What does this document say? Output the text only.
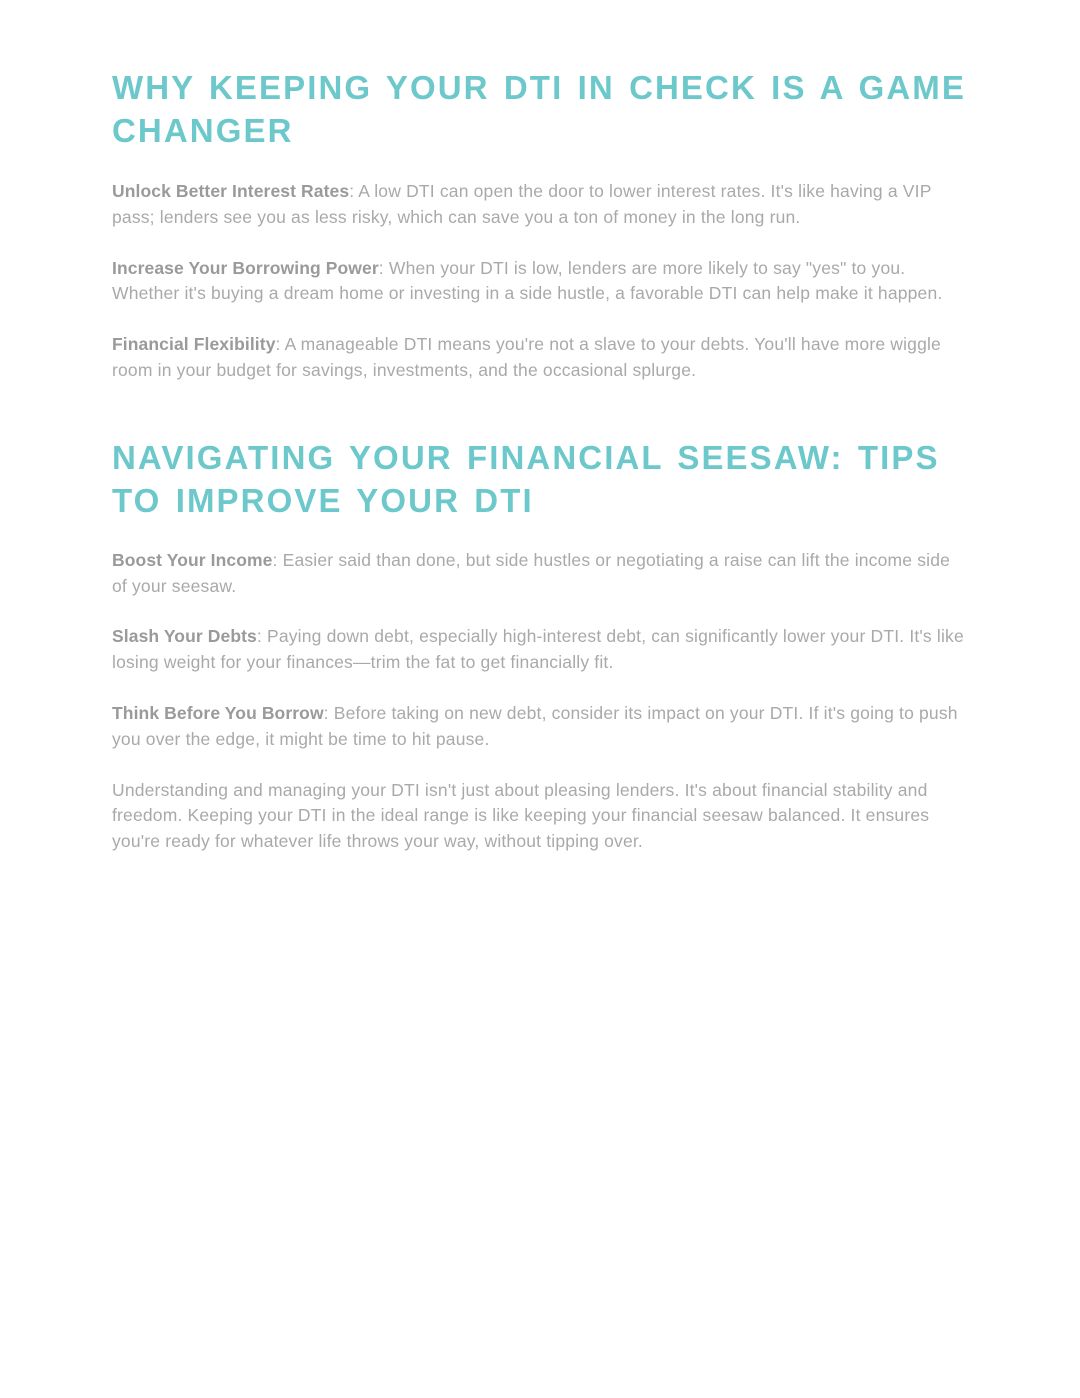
WHY KEEPING YOUR DTI IN CHECK IS A GAME CHANGER

Unlock Better Interest Rates: A low DTI can open the door to lower interest rates. It's like having a VIP pass; lenders see you as less risky, which can save you a ton of money in the long run.

Increase Your Borrowing Power: When your DTI is low, lenders are more likely to say "yes" to you. Whether it's buying a dream home or investing in a side hustle, a favorable DTI can help make it happen.

Financial Flexibility: A manageable DTI means you're not a slave to your debts. You'll have more wiggle room in your budget for savings, investments, and the occasional splurge.

NAVIGATING YOUR FINANCIAL SEESAW: TIPS TO IMPROVE YOUR DTI

Boost Your Income: Easier said than done, but side hustles or negotiating a raise can lift the income side of your seesaw.

Slash Your Debts: Paying down debt, especially high-interest debt, can significantly lower your DTI. It's like losing weight for your finances—trim the fat to get financially fit.

Think Before You Borrow: Before taking on new debt, consider its impact on your DTI. If it's going to push you over the edge, it might be time to hit pause.

Understanding and managing your DTI isn't just about pleasing lenders. It's about financial stability and freedom. Keeping your DTI in the ideal range is like keeping your financial seesaw balanced. It ensures you're ready for whatever life throws your way, without tipping over.
